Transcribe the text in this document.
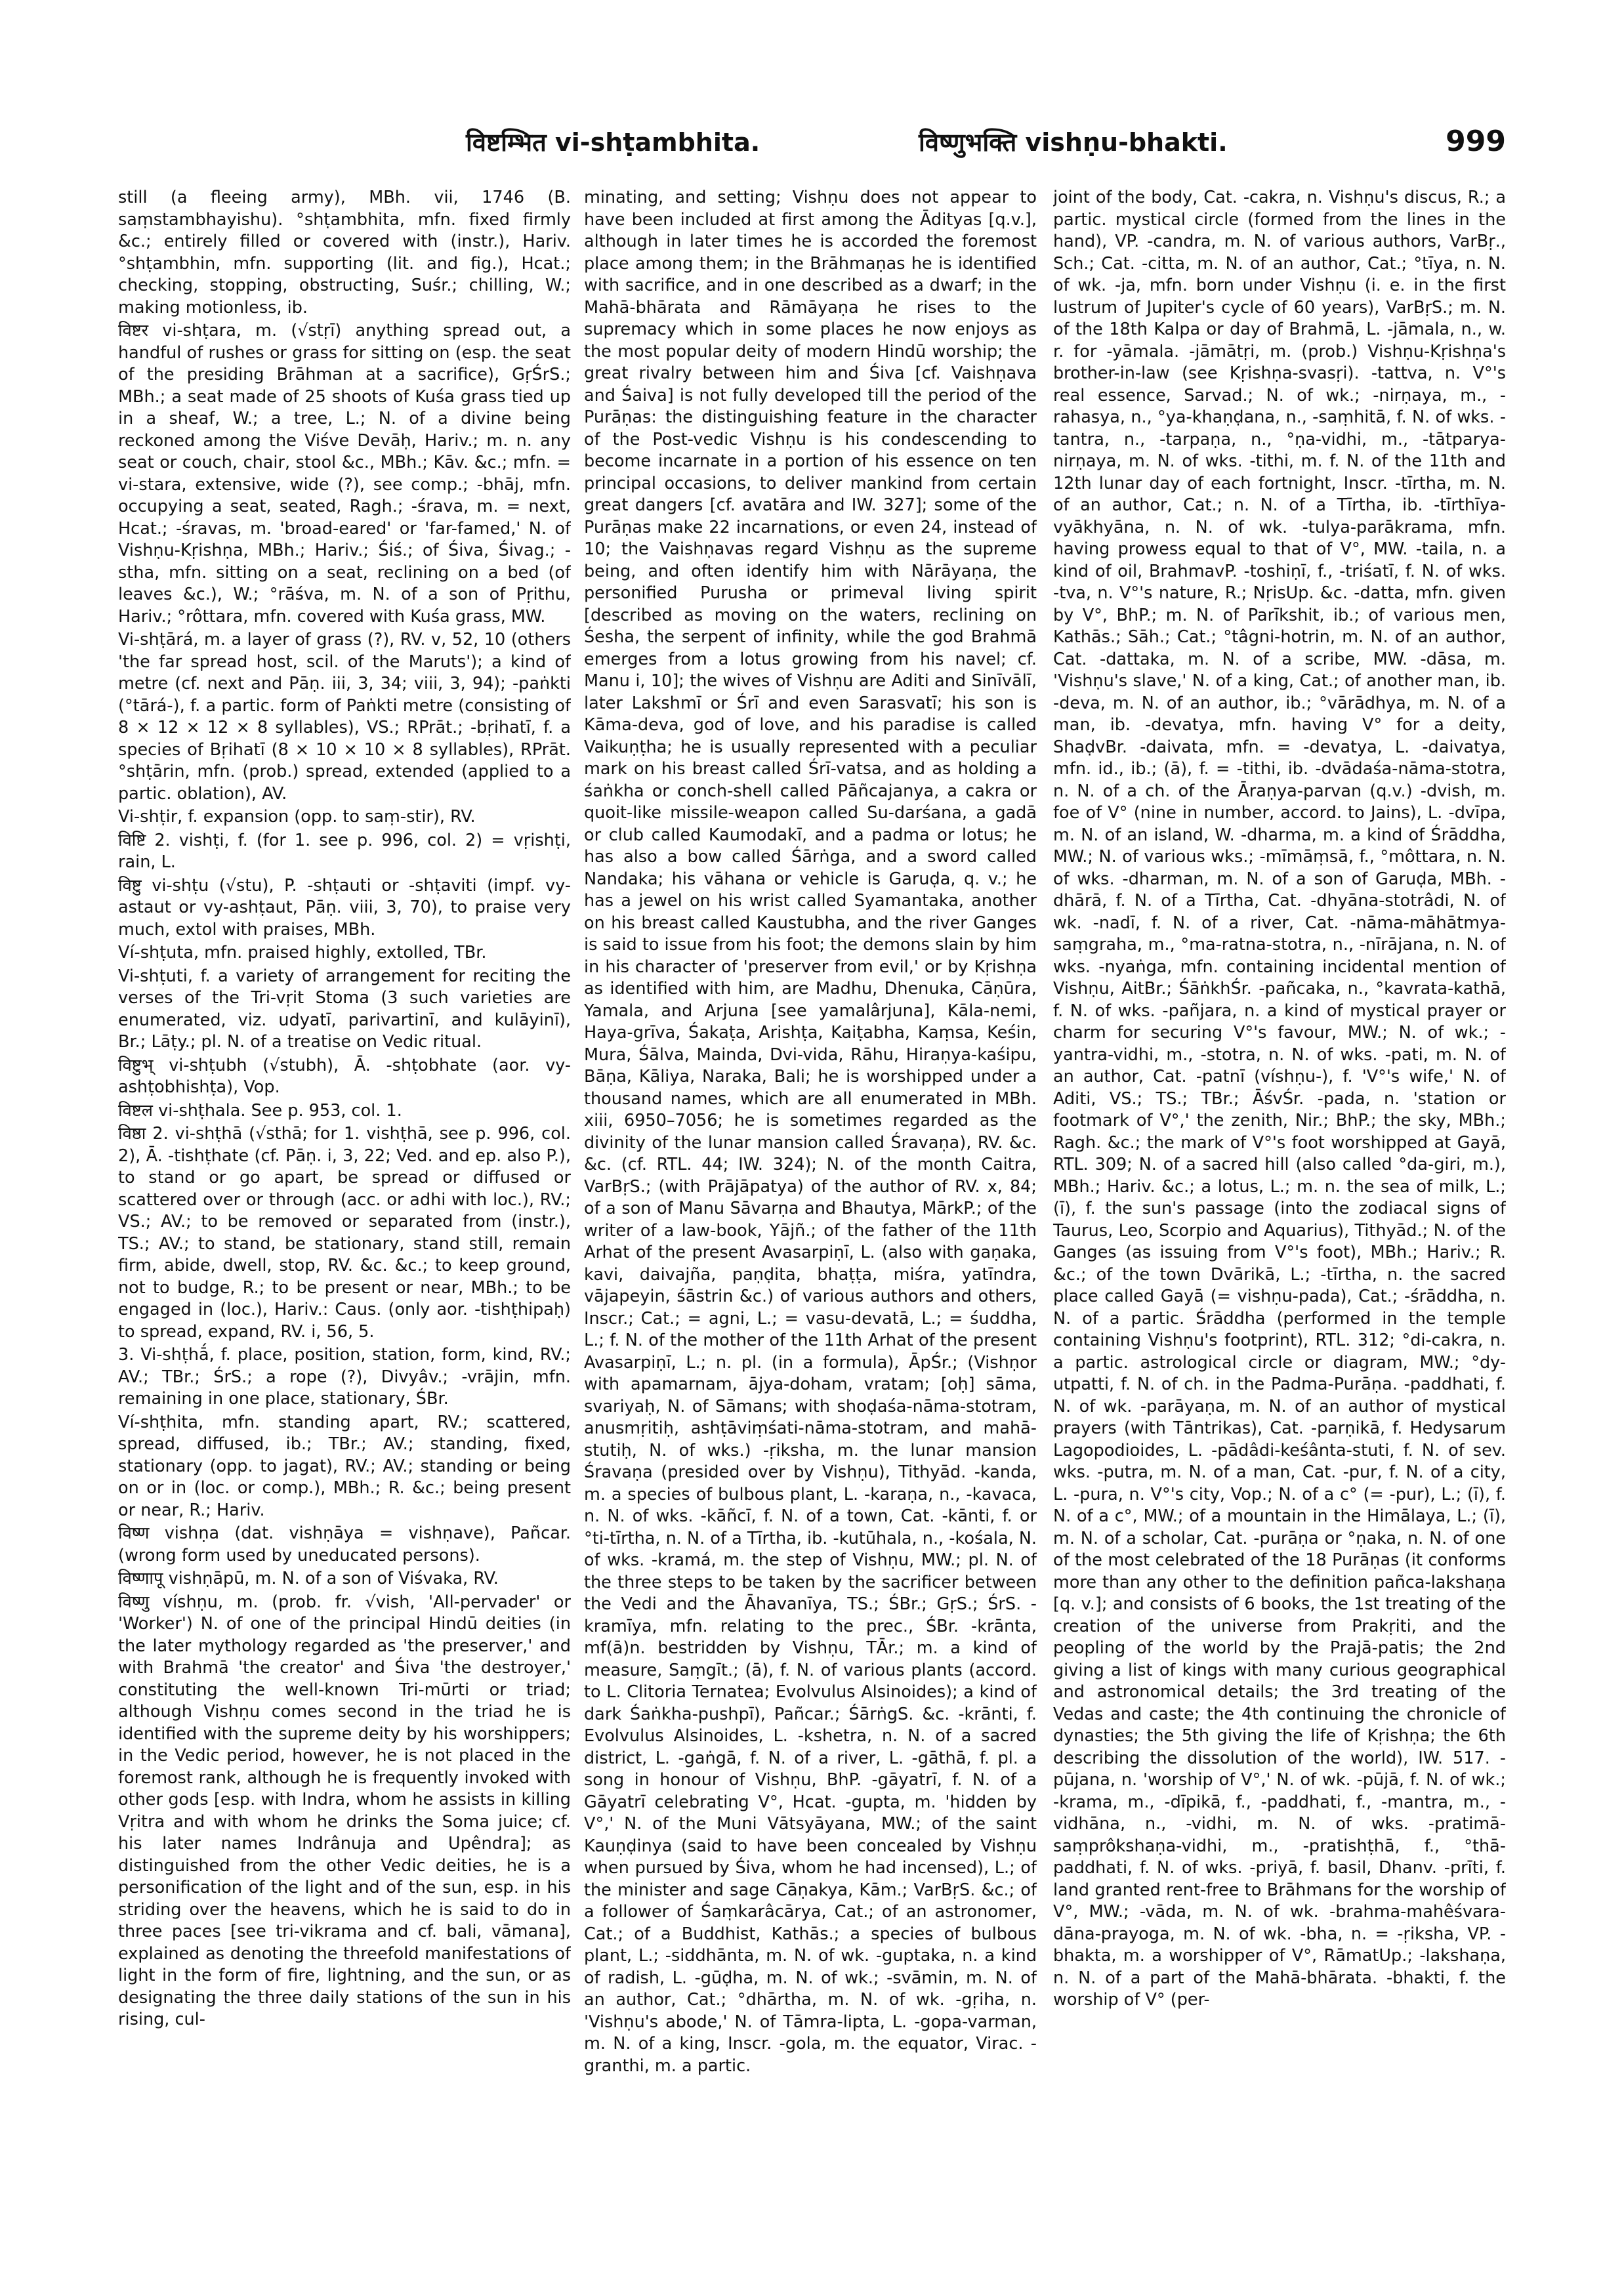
विष्टम्भित vi-shṭambhita.	विष्णुभक्ति vishṇu-bhakti.	999

still (a fleeing army), MBh. vii, 1746 (B. saṃstambhayishu). °shṭambhita, mfn. fixed firmly &c.; entirely filled or covered with (instr.), Hariv. °shṭambhin, mfn. supporting (lit. and fig.), Hcat.; checking, stopping, obstructing, Suśr.; chilling, W.; making motionless, ib.

विष्टर vi-shṭara, m. (√stṛī) anything spread out, a handful of rushes or grass for sitting on (esp. the seat of the presiding Brāhman at a sacrifice), GṛŚrS.; MBh.; a seat made of 25 shoots of Kuśa grass tied up in a sheaf, W.; a tree, L.; N. of a divine being reckoned among the Viśve Devāḥ, Hariv.; m. n. any seat or couch, chair, stool &c., MBh.; Kāv. &c.; mfn. = vi-stara, extensive, wide (?), see comp.; -bhāj, mfn. occupying a seat, seated, Ragh.; -śrava, m. = next, Hcat.; -śravas, m. 'broad-eared' or 'far-famed,' N. of Vishṇu-Kṛishṇa, MBh.; Hariv.; Śiś.; of Śiva, Śivag.; -stha, mfn. sitting on a seat, reclining on a bed (of leaves &c.), W.; °rāśva, m. N. of a son of Pṛithu, Hariv.; °rôttara, mfn. covered with Kuśa grass, MW.

Vi-shṭārá, m. a layer of grass (?), RV. v, 52, 10 (others 'the far spread host, scil. of the Maruts'); a kind of metre (cf. next and Pāṇ. iii, 3, 34; viii, 3, 94); -paṅkti (°tārá-), f. a partic. form of Paṅkti metre (consisting of 8 × 12 × 12 × 8 syllables), VS.; RPrāt.; -bṛihatī, f. a species of Bṛihatī (8 × 10 × 10 × 8 syllables), RPrāt. °shṭārin, mfn. (prob.) spread, extended (applied to a partic. oblation), AV.

Vi-shṭir, f. expansion (opp. to saṃ-stir), RV.

विष्टि 2. vishṭi, f. (for 1. see p. 996, col. 2) = vṛishṭi, rain, L.

विष्टु vi-shṭu (√stu), P. -shṭauti or -shṭaviti (impf. vy-astaut or vy-ashṭaut, Pāṇ. viii, 3, 70), to praise very much, extol with praises, MBh.

Ví-shṭuta, mfn. praised highly, extolled, TBr.

Vi-shṭuti, f. a variety of arrangement for reciting the verses of the Tri-vṛit Stoma (3 such varieties are enumerated, viz. udyatī, parivartinī, and kulāyinī), Br.; Lāṭy.; pl. N. of a treatise on Vedic ritual.

विष्टुभ् vi-shṭubh (√stubh), Ā. -shṭobhate (aor. vy-ashṭobhishṭa), Vop.

विष्टल vi-shṭhala. See p. 953, col. 1.

विष्ठा 2. vi-shṭhā (√sthā; for 1. vishṭhā, see p. 996, col. 2), Ā. -tishṭhate (cf. Pāṇ. i, 3, 22; Ved. and ep. also P.), to stand or go apart, be spread or diffused or scattered over or through (acc. or adhi with loc.), RV.; VS.; AV.; to be removed or separated from (instr.), TS.; AV.; to stand, be stationary, stand still, remain firm, abide, dwell, stop, RV. &c. &c.; to keep ground, not to budge, R.; to be present or near, MBh.; to be engaged in (loc.), Hariv.: Caus. (only aor. -tishṭhipaḥ) to spread, expand, RV. i, 56, 5.

3. Vi-shṭhā́, f. place, position, station, form, kind, RV.; AV.; TBr.; ŚrS.; a rope (?), Divyâv.; -vrājin, mfn. remaining in one place, stationary, ŚBr.

Ví-shṭhita, mfn. standing apart, RV.; scattered, spread, diffused, ib.; TBr.; AV.; standing, fixed, stationary (opp. to jagat), RV.; AV.; standing or being on or in (loc. or comp.), MBh.; R. &c.; being present or near, R.; Hariv.

विष्ण vishṇa (dat. vishṇāya = vishṇave), Pañcar. (wrong form used by uneducated persons).

विष्णापू vishṇāpū, m. N. of a son of Viśvaka, RV.

विष्णु víshṇu, m. (prob. fr. √vish, 'All-pervader' or 'Worker') N. of one of the principal Hindū deities (in the later mythology regarded as 'the preserver,' and with Brahmā 'the creator' and Śiva 'the destroyer,' constituting the well-known Tri-mūrti or triad; although Vishṇu comes second in the triad he is identified with the supreme deity by his worshippers; in the Vedic period, however, he is not placed in the foremost rank, although he is frequently invoked with other gods [esp. with Indra, whom he assists in killing Vṛitra and with whom he drinks the Soma juice; cf. his later names Indrânuja and Upêndra]; as distinguished from the other Vedic deities, he is a personification of the light and of the sun, esp. in his striding over the heavens, which he is said to do in three paces [see tri-vikrama and cf. bali, vāmana], explained as denoting the threefold manifestations of light in the form of fire, lightning, and the sun, or as designating the three daily stations of the sun in his rising, cul-

minating, and setting; Vishṇu does not appear to have been included at first among the Ādityas [q.v.], although in later times he is accorded the foremost place among them; in the Brāhmaṇas he is identified with sacrifice, and in one described as a dwarf; in the Mahā-bhārata and Rāmāyaṇa he rises to the supremacy which in some places he now enjoys as the most popular deity of modern Hindū worship; the great rivalry between him and Śiva [cf. Vaishṇava and Śaiva] is not fully developed till the period of the Purāṇas: the distinguishing feature in the character of the Post-vedic Vishṇu is his condescending to become incarnate in a portion of his essence on ten principal occasions, to deliver mankind from certain great dangers [cf. avatāra and IW. 327]; some of the Purāṇas make 22 incarnations, or even 24, instead of 10; the Vaishṇavas regard Vishṇu as the supreme being, and often identify him with Nārāyaṇa, the personified Purusha or primeval living spirit [described as moving on the waters, reclining on Śesha, the serpent of infinity, while the god Brahmā emerges from a lotus growing from his navel; cf. Manu i, 10]; the wives of Vishṇu are Aditi and Sinīvālī, later Lakshmī or Śrī and even Sarasvatī; his son is Kāma-deva, god of love, and his paradise is called Vaikuṇṭha; he is usually represented with a peculiar mark on his breast called Śrī-vatsa, and as holding a śaṅkha or conch-shell called Pāñcajanya, a cakra or quoit-like missile-weapon called Su-darśana, a gadā or club called Kaumodakī, and a padma or lotus; he has also a bow called Śārṅga, and a sword called Nandaka; his vāhana or vehicle is Garuḍa, q. v.; he has a jewel on his wrist called Syamantaka, another on his breast called Kaustubha, and the river Ganges is said to issue from his foot; the demons slain by him in his character of 'preserver from evil,' or by Kṛishṇa as identified with him, are Madhu, Dhenuka, Cāṇūra, Yamala, and Arjuna [see yamalârjuna], Kāla-nemi, Haya-grīva, Śakaṭa, Arishṭa, Kaiṭabha, Kaṃsa, Keśin, Mura, Śālva, Mainda, Dvi-vida, Rāhu, Hiraṇya-kaśipu, Bāṇa, Kāliya, Naraka, Bali; he is worshipped under a thousand names, which are all enumerated in MBh. xiii, 6950–7056; he is sometimes regarded as the divinity of the lunar mansion called Śravaṇa), RV. &c. &c. (cf. RTL. 44; IW. 324); N. of the month Caitra, VarBṛS.; (with Prājāpatya) of the author of RV. x, 84; of a son of Manu Sāvarṇa and Bhautya, MārkP.; of the writer of a law-book, Yājñ.; of the father of the 11th Arhat of the present Avasarpiṇī, L. (also with gaṇaka, kavi, daivajña, paṇḍita, bhaṭṭa, miśra, yatīndra, vājapeyin, śāstrin &c.) of various authors and others, Inscr.; Cat.; = agni, L.; = vasu-devatā, L.; = śuddha, L.; f. N. of the mother of the 11th Arhat of the present Avasarpiṇī, L.; n. pl. (in a formula), ĀpŚr.; (Vishṇor with apamarnam, ājya-doham, vratam; [oḥ] sāma, svariyaḥ, N. of Sāmans; with shoḍaśa-nāma-stotram, anusmṛitiḥ, ashṭāviṃśati-nāma-stotram, and mahā-stutiḥ, N. of wks.) -ṛiksha, m. the lunar mansion Śravaṇa (presided over by Vishṇu), Tithyād. -kanda, m. a species of bulbous plant, L. -karaṇa, n., -kavaca, n. N. of wks. -kāñcī, f. N. of a town, Cat. -kānti, f. or °ti-tīrtha, n. N. of a Tīrtha, ib. -kutūhala, n., -kośala, N. of wks. -kramá, m. the step of Vishṇu, MW.; pl. N. of the three steps to be taken by the sacrificer between the Vedi and the Āhavanīya, TS.; ŚBr.; GṛS.; ŚrS. -kramīya, mfn. relating to the prec., ŚBr. -krānta, mf(ā)n. bestridden by Vishṇu, TĀr.; m. a kind of measure, Saṃgīt.; (ā), f. N. of various plants (accord. to L. Clitoria Ternatea; Evolvulus Alsinoides); a kind of dark Śaṅkha-pushpī), Pañcar.; ŚārṅgS. &c. -krānti, f. Evolvulus Alsinoides, L. -kshetra, n. N. of a sacred district, L. -gaṅgā, f. N. of a river, L. -gāthā, f. pl. a song in honour of Vishṇu, BhP. -gāyatrī, f. N. of a Gāyatrī celebrating V°, Hcat. -gupta, m. 'hidden by V°,' N. of the Muni Vātsyāyana, MW.; of the saint Kauṇḍinya (said to have been concealed by Vishṇu when pursued by Śiva, whom he had incensed), L.; of the minister and sage Cāṇakya, Kām.; VarBṛS. &c.; of a follower of Śaṃkarâcārya, Cat.; of an astronomer, Cat.; of a Buddhist, Kathās.; a species of bulbous plant, L.; -siddhānta, m. N. of wk. -guptaka, n. a kind of radish, L. -gūḍha, m. N. of wk.; -svāmin, m. N. of an author, Cat.; °dhārtha, m. N. of wk. -gṛiha, n. 'Vishṇu's abode,' N. of Tāmra-lipta, L. -gopa-varman, m. N. of a king, Inscr. -gola, m. the equator, Virac. -granthi, m. a partic.

joint of the body, Cat. -cakra, n. Vishṇu's discus, R.; a partic. mystical circle (formed from the lines in the hand), VP. -candra, m. N. of various authors, VarBṛ., Sch.; Cat. -citta, m. N. of an author, Cat.; °tīya, n. N. of wk. -ja, mfn. born under Vishṇu (i. e. in the first lustrum of Jupiter's cycle of 60 years), VarBṛS.; m. N. of the 18th Kalpa or day of Brahmā, L. -jāmala, n., w. r. for -yāmala. -jāmātṛi, m. (prob.) Vishṇu-Kṛishṇa's brother-in-law (see Kṛishṇa-svasṛi). -tattva, n. V°'s real essence, Sarvad.; N. of wk.; -nirṇaya, m., -rahasya, n., °ya-khaṇḍana, n., -saṃhitā, f. N. of wks. -tantra, n., -tarpaṇa, n., °ṇa-vidhi, m., -tātparya-nirṇaya, m. N. of wks. -tithi, m. f. N. of the 11th and 12th lunar day of each fortnight, Inscr. -tīrtha, m. N. of an author, Cat.; n. N. of a Tīrtha, ib. -tīrthīya-vyākhyāna, n. N. of wk. -tulya-parākrama, mfn. having prowess equal to that of V°, MW. -taila, n. a kind of oil, BrahmavP. -toshiṇī, f., -triśatī, f. N. of wks. -tva, n. V°'s nature, R.; NṛisUp. &c. -datta, mfn. given by V°, BhP.; m. N. of Parīkshit, ib.; of various men, Kathās.; Sāh.; Cat.; °tâgni-hotrin, m. N. of an author, Cat. -dattaka, m. N. of a scribe, MW. -dāsa, m. 'Vishṇu's slave,' N. of a king, Cat.; of another man, ib. -deva, m. N. of an author, ib.; °vārādhya, m. N. of a man, ib. -devatya, mfn. having V° for a deity, ShaḍvBr. -daivata, mfn. = -devatya, L. -daivatya, mfn. id., ib.; (ā), f. = -tithi, ib. -dvādaśa-nāma-stotra, n. N. of a ch. of the Āraṇya-parvan (q.v.) -dvish, m. foe of V° (nine in number, accord. to Jains), L. -dvīpa, m. N. of an island, W. -dharma, m. a kind of Śrāddha, MW.; N. of various wks.; -mīmāṃsā, f., °môttara, n. N. of wks. -dharman, m. N. of a son of Garuḍa, MBh. -dhārā, f. N. of a Tīrtha, Cat. -dhyāna-stotrâdi, N. of wk. -nadī, f. N. of a river, Cat. -nāma-māhātmya-saṃgraha, m., °ma-ratna-stotra, n., -nīrājana, n. N. of wks. -nyaṅga, mfn. containing incidental mention of Vishṇu, AitBr.; ŚāṅkhŚr. -pañcaka, n., °kavrata-kathā, f. N. of wks. -pañjara, n. a kind of mystical prayer or charm for securing V°'s favour, MW.; N. of wk.; -yantra-vidhi, m., -stotra, n. N. of wks. -pati, m. N. of an author, Cat. -patnī (víshṇu-), f. 'V°'s wife,' N. of Aditi, VS.; TS.; TBr.; ĀśvŚr. -pada, n. 'station or footmark of V°,' the zenith, Nir.; BhP.; the sky, MBh.; Ragh. &c.; the mark of V°'s foot worshipped at Gayā, RTL. 309; N. of a sacred hill (also called °da-giri, m.), MBh.; Hariv. &c.; a lotus, L.; m. n. the sea of milk, L.; (ī), f. the sun's passage (into the zodiacal signs of Taurus, Leo, Scorpio and Aquarius), Tithyād.; N. of the Ganges (as issuing from V°'s foot), MBh.; Hariv.; R. &c.; of the town Dvārikā, L.; -tīrtha, n. the sacred place called Gayā (= vishṇu-pada), Cat.; -śrāddha, n. N. of a partic. Śrāddha (performed in the temple containing Vishṇu's footprint), RTL. 312; °di-cakra, n. a partic. astrological circle or diagram, MW.; °dy-utpatti, f. N. of ch. in the Padma-Purāṇa. -paddhati, f. N. of wk. -parāyaṇa, m. N. of an author of mystical prayers (with Tāntrikas), Cat. -parṇikā, f. Hedysarum Lagopodioides, L. -pādâdi-keśânta-stuti, f. N. of sev. wks. -putra, m. N. of a man, Cat. -pur, f. N. of a city, L. -pura, n. V°'s city, Vop.; N. of a c° (= -pur), L.; (ī), f. N. of a c°, MW.; of a mountain in the Himālaya, L.; (ī), m. N. of a scholar, Cat. -purāṇa or °ṇaka, n. N. of one of the most celebrated of the 18 Purāṇas (it conforms more than any other to the definition pañca-lakshaṇa [q. v.]; and consists of 6 books, the 1st treating of the creation of the universe from Prakṛiti, and the peopling of the world by the Prajā-patis; the 2nd giving a list of kings with many curious geographical and astronomical details; the 3rd treating of the Vedas and caste; the 4th continuing the chronicle of dynasties; the 5th giving the life of Kṛishṇa; the 6th describing the dissolution of the world), IW. 517. -pūjana, n. 'worship of V°,' N. of wk. -pūjā, f. N. of wk.; -krama, m., -dīpikā, f., -paddhati, f., -mantra, m., -vidhāna, n., -vidhi, m. N. of wks. -pratimā-saṃprôkshaṇa-vidhi, m., -pratishṭhā, f., °thā-paddhati, f. N. of wks. -priyā, f. basil, Dhanv. -prīti, f. land granted rent-free to Brāhmans for the worship of V°, MW.; -vāda, m. N. of wk. -brahma-mahêśvara-dāna-prayoga, m. N. of wk. -bha, n. = -ṛiksha, VP. -bhakta, m. a worshipper of V°, RāmatUp.; -lakshaṇa, n. N. of a part of the Mahā-bhārata. -bhakti, f. the worship of V° (per-
